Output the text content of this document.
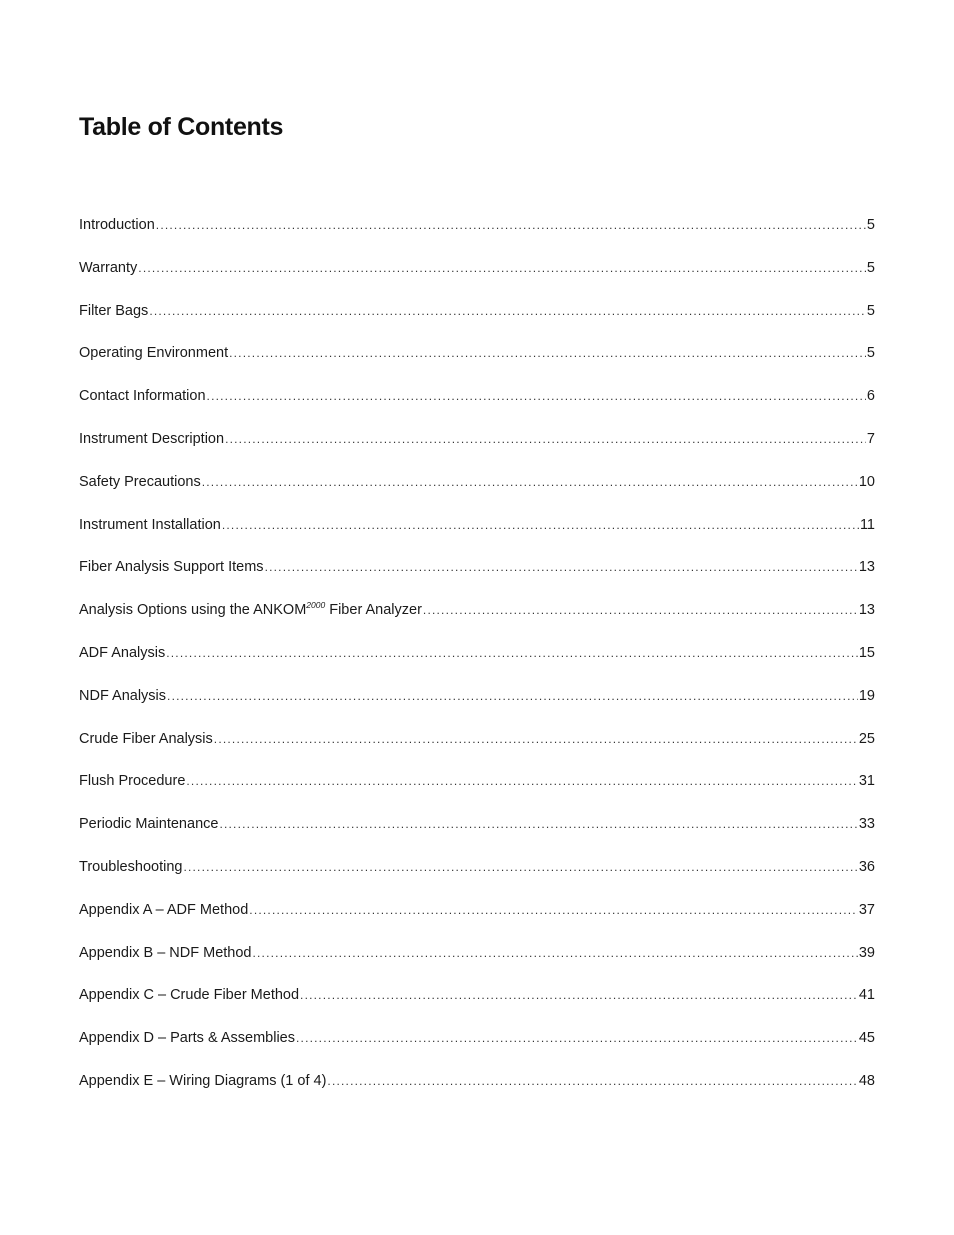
Table of Contents
Introduction .....	5
Warranty .....	5
Filter Bags .....	5
Operating Environment .....	5
Contact Information .....	6
Instrument Description .....	7
Safety Precautions .....	10
Instrument Installation .....	11
Fiber Analysis Support Items .....	13
Analysis Options using the $ANKOM^{2000}$ Fiber Analyzer .....	13
ADF Analysis .....	15
NDF Analysis .....	19
Crude Fiber Analysis .....	25
Flush Procedure .....	31
Periodic Maintenance .....	33
Troubleshooting .....	36
Appendix A – ADF Method .....	37
Appendix B – NDF Method .....	39
Appendix C – Crude Fiber Method .....	41
Appendix D – Parts & Assemblies .....	45
Appendix E – Wiring Diagrams (1 of 4) .....	48
